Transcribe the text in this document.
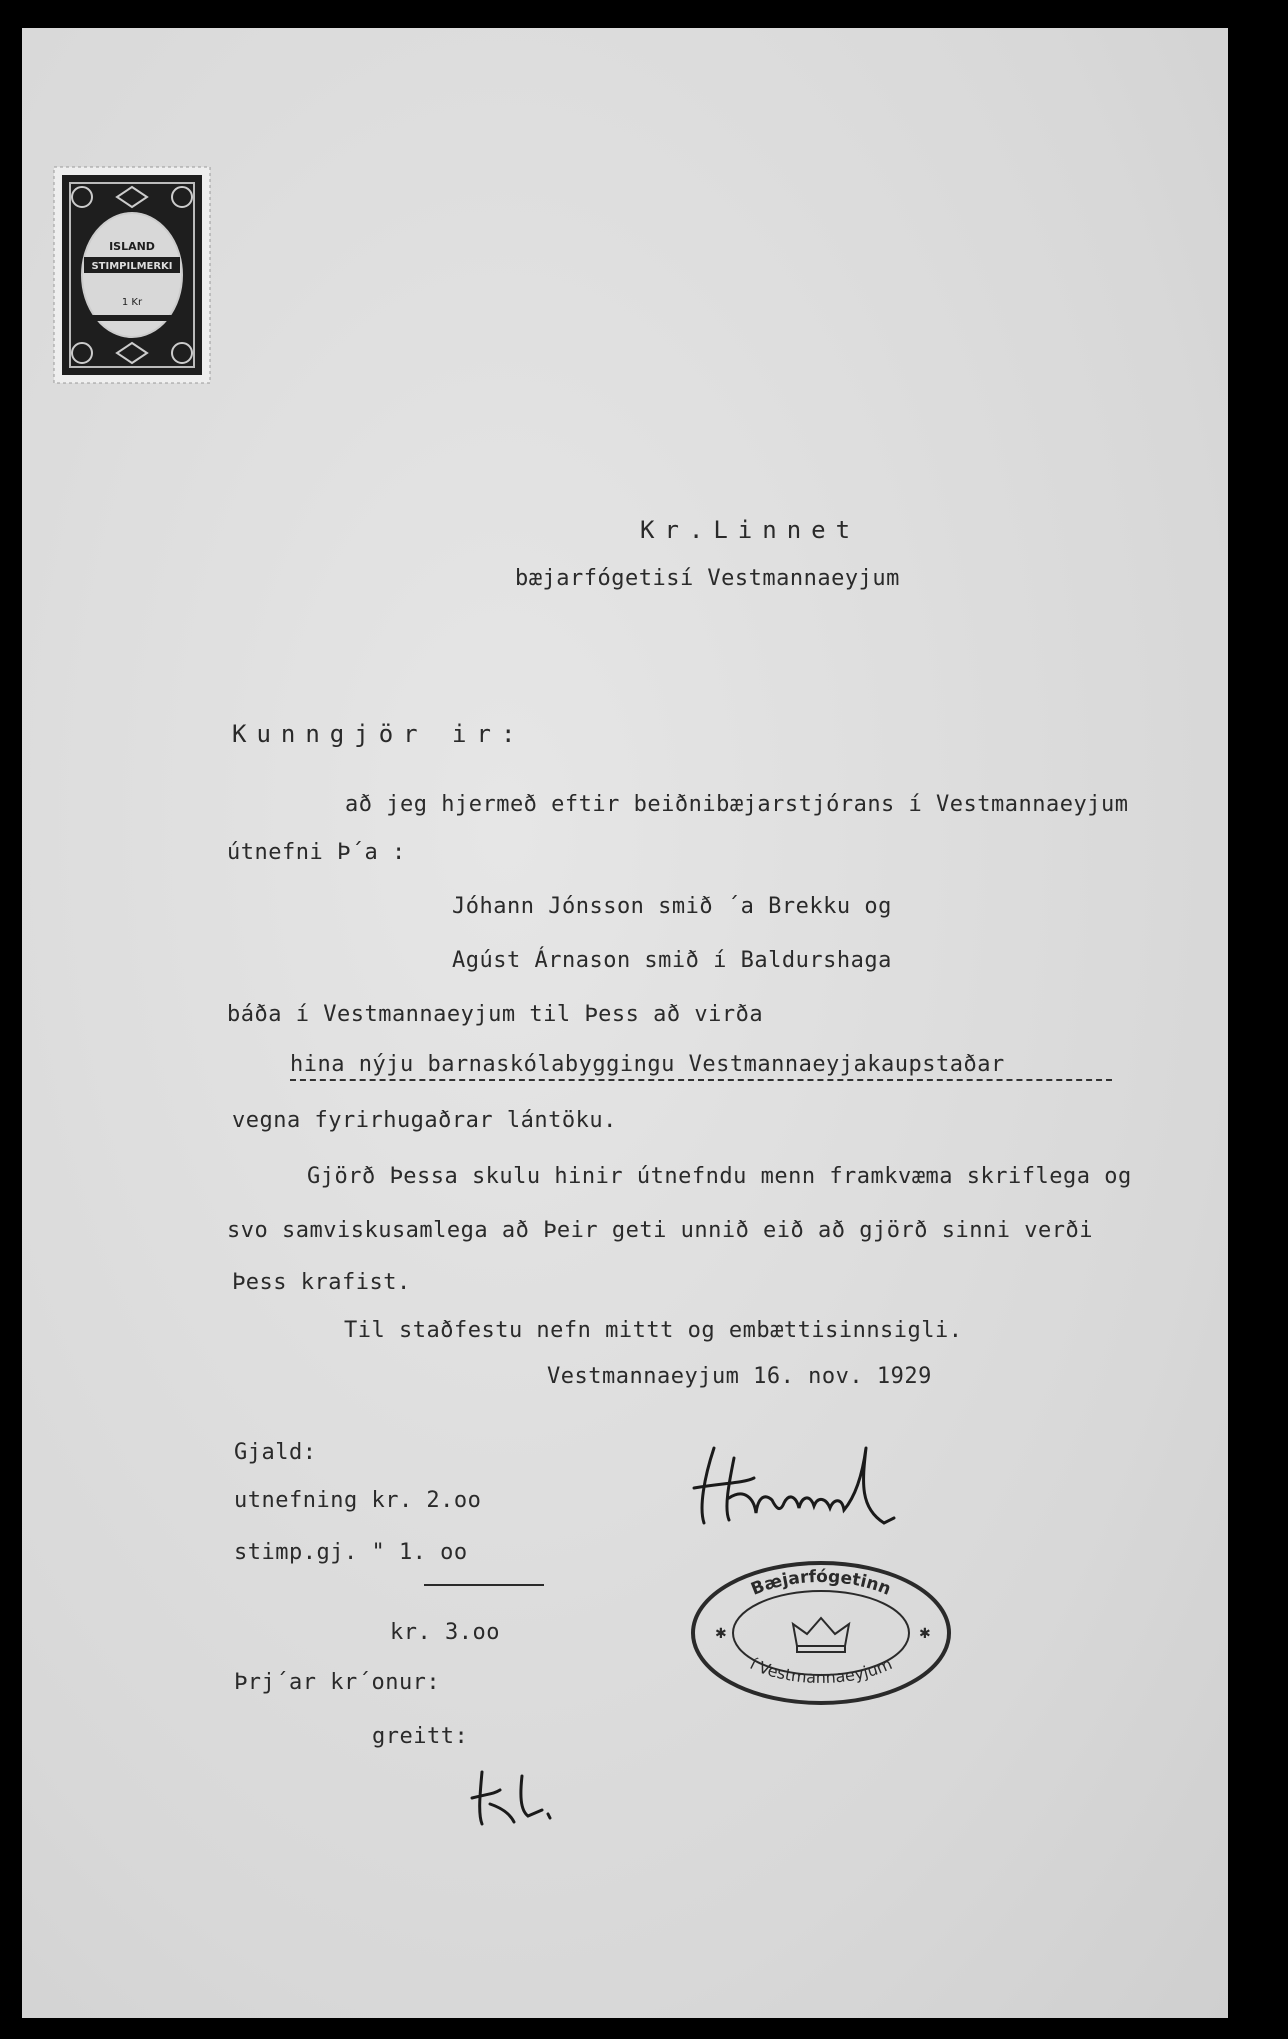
ISLAND
STIMPILMERKI
1 Kr
Kr.Linnet
bæjarfógetisí Vestmannaeyjum
Kunngjör ir:
að jeg hjermeð eftir beiðnibæjarstjórans í Vestmannaeyjum
útnefni Þ´a :
Jóhann Jónsson smið ´a Brekku og
Agúst Árnason smið í Baldurshaga
báða í Vestmannaeyjum til Þess að virða
hina nýju barnaskólabyggingu Vestmannaeyjakaupstaðar
vegna fyrirhugaðrar lántöku.
Gjörð Þessa skulu hinir útnefndu menn framkvæma skriflega og
svo samviskusamlega að Þeir geti unnið eið að gjörð sinni verði
Þess krafist.
Til staðfestu nefn mittt og embættisinnsigli.
Vestmannaeyjum 16. nov. 1929
Gjald:
utnefning kr. 2.oo
stimp.gj. " 1. oo
kr. 3.oo
Þrj´ar kr´onur:
greitt:
Bæjarfógetinn
í Vestmannaeyjum
✱	✱
